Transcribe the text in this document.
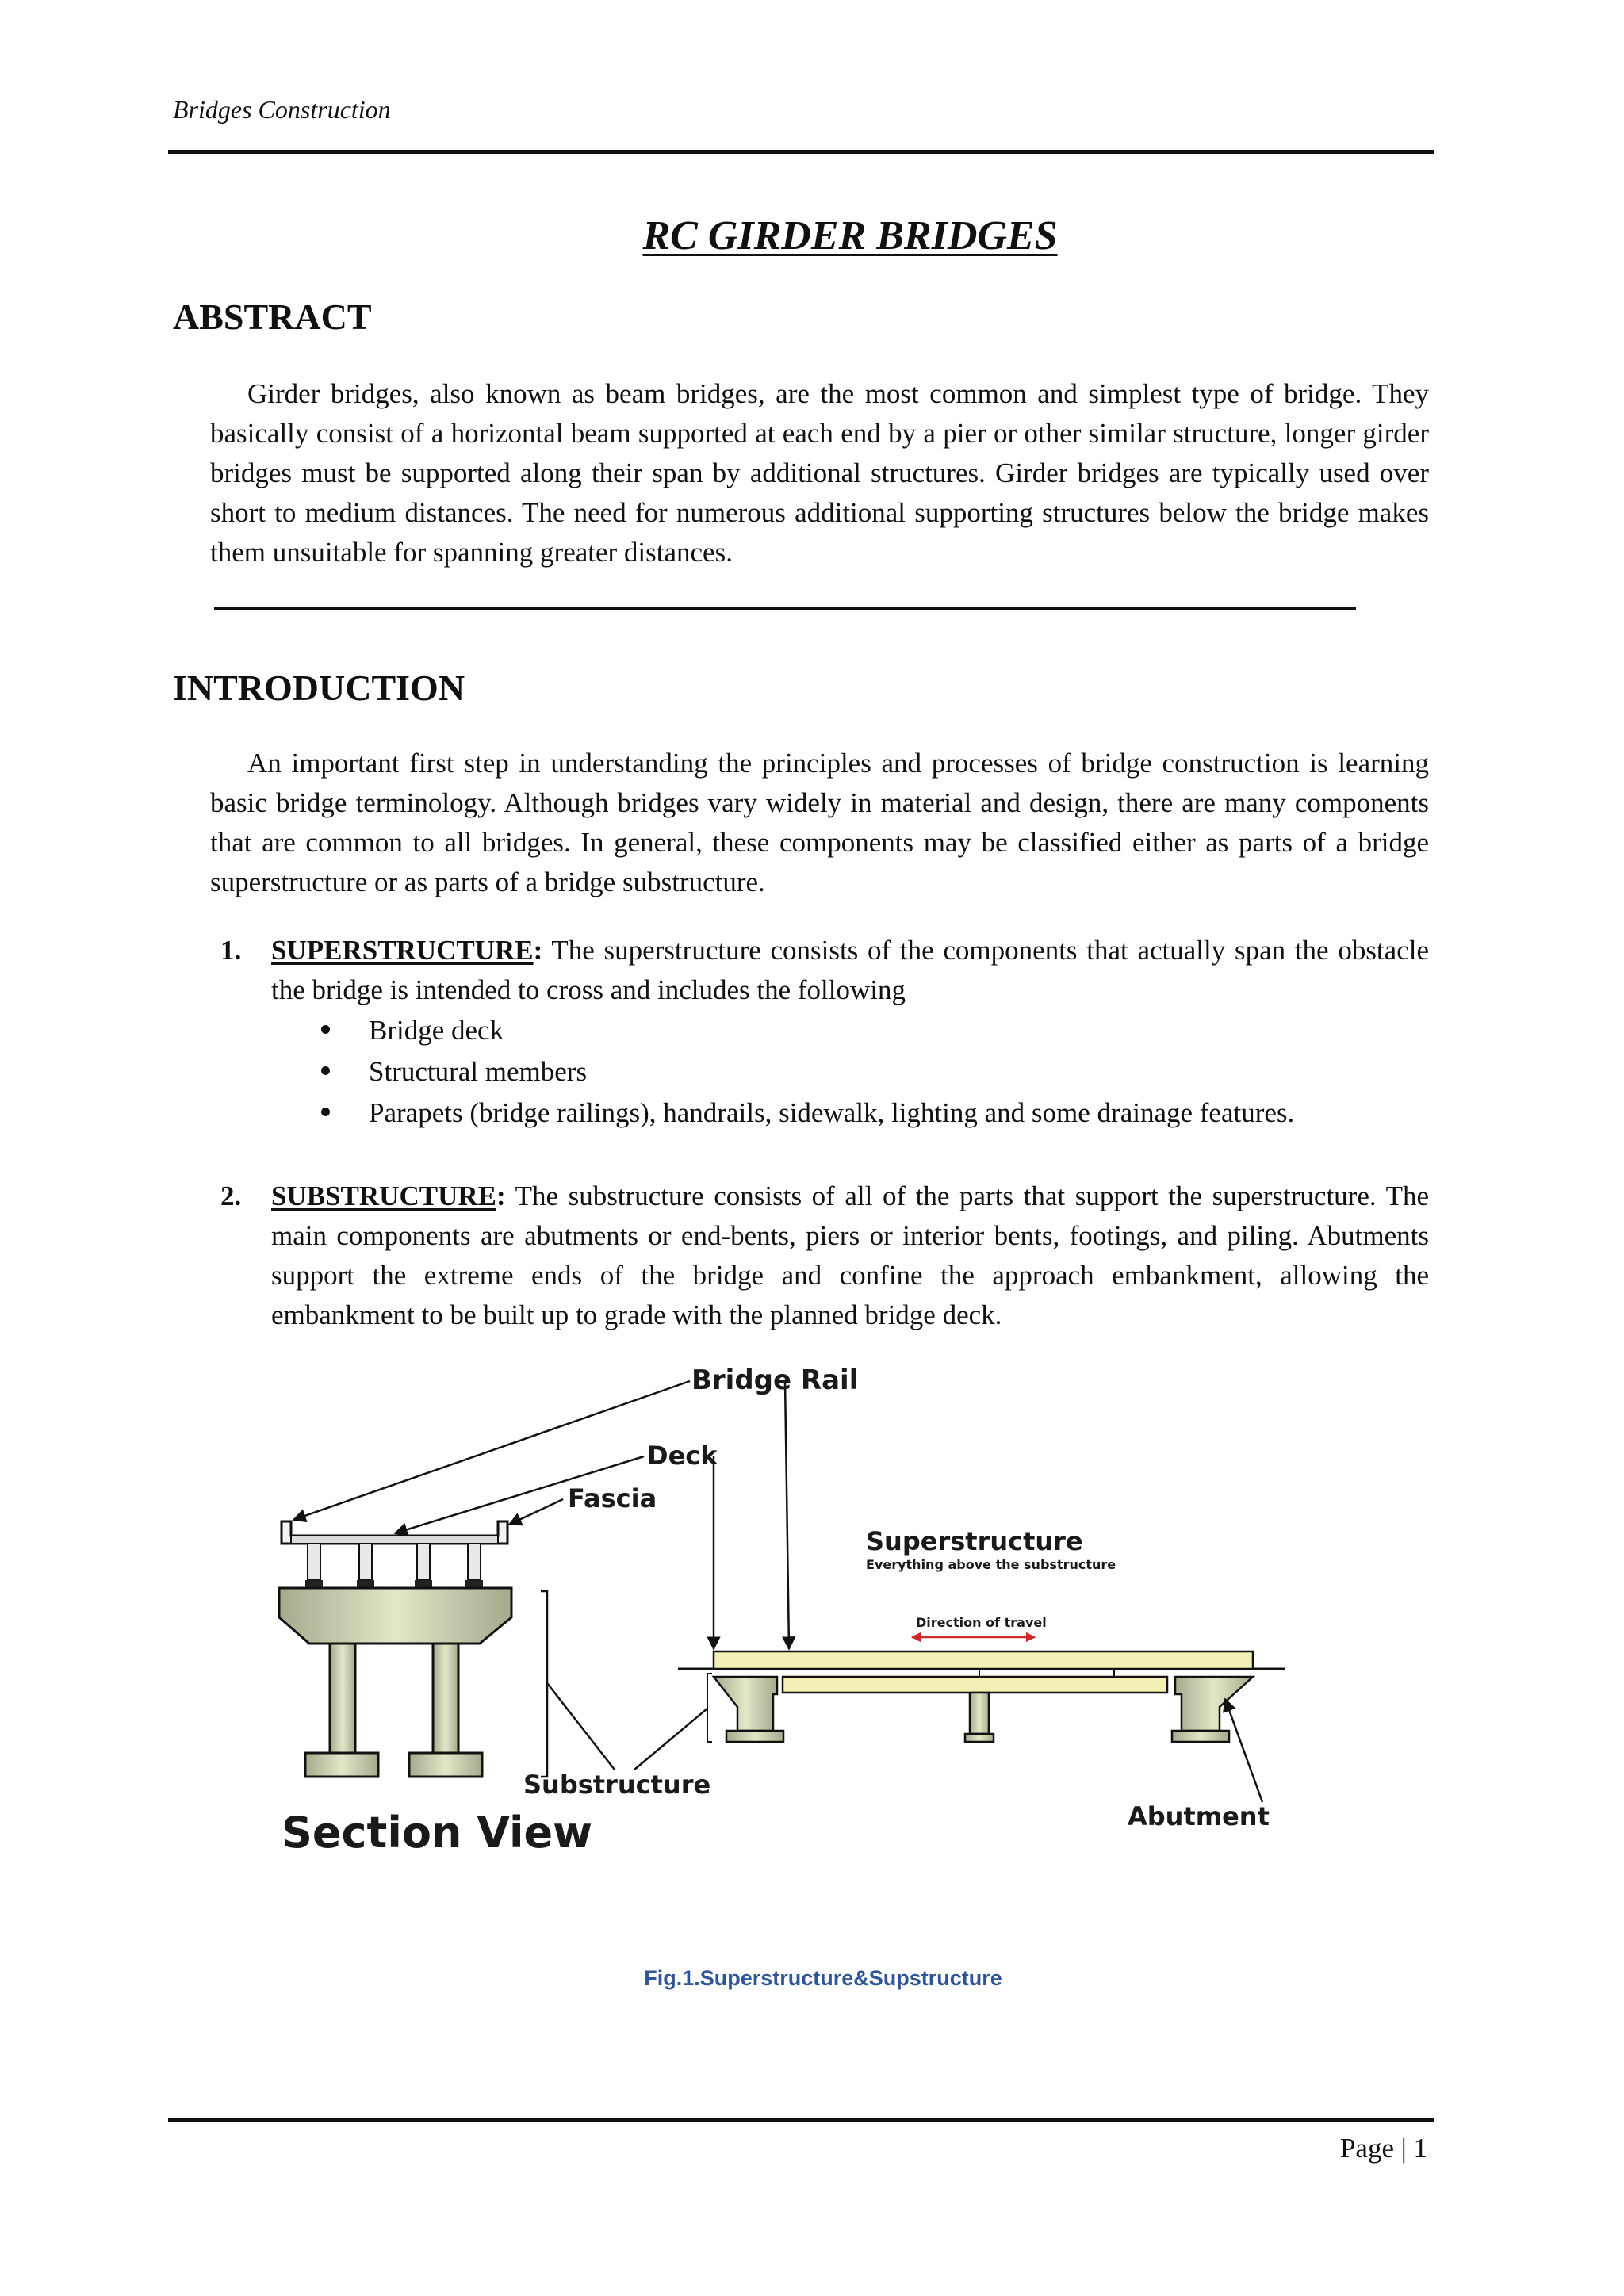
Bridges Construction
RC GIRDER BRIDGES
ABSTRACT

Girder bridges, also known as beam bridges, are the most common and simplest type of bridge. They basically consist of a horizontal beam supported at each end by a pier or other similar structure, longer girder bridges must be supported along their span by additional structures. Girder bridges are typically used over short to medium distances. The need for numerous additional supporting structures below the bridge makes them unsuitable for spanning greater distances.

INTRODUCTION

An important first step in understanding the principles and processes of bridge construction is learning basic bridge terminology. Although bridges vary widely in material and design, there are many components that are common to all bridges. In general, these components may be classified either as parts of a bridge superstructure or as parts of a bridge substructure.

1. SUPERSTRUCTURE: The superstructure consists of the components that actually span the obstacle the bridge is intended to cross and includes the following
Bridge deck
Structural members
Parapets (bridge railings), handrails, sidewalk, lighting and some drainage features.
2. SUBSTRUCTURE: The substructure consists of all of the parts that support the superstructure. The main components are abutments or end-bents, piers or interior bents, footings, and piling. Abutments support the extreme ends of the bridge and confine the approach embankment, allowing the embankment to be built up to grade with the planned bridge deck.
Bridge Rail
Deck
Fascia
Superstructure
Everything above the substructure
Direction of travel
Substructure
Abutment
Section View
Fig.1.Superstructure&Supstructure
Page | 1
